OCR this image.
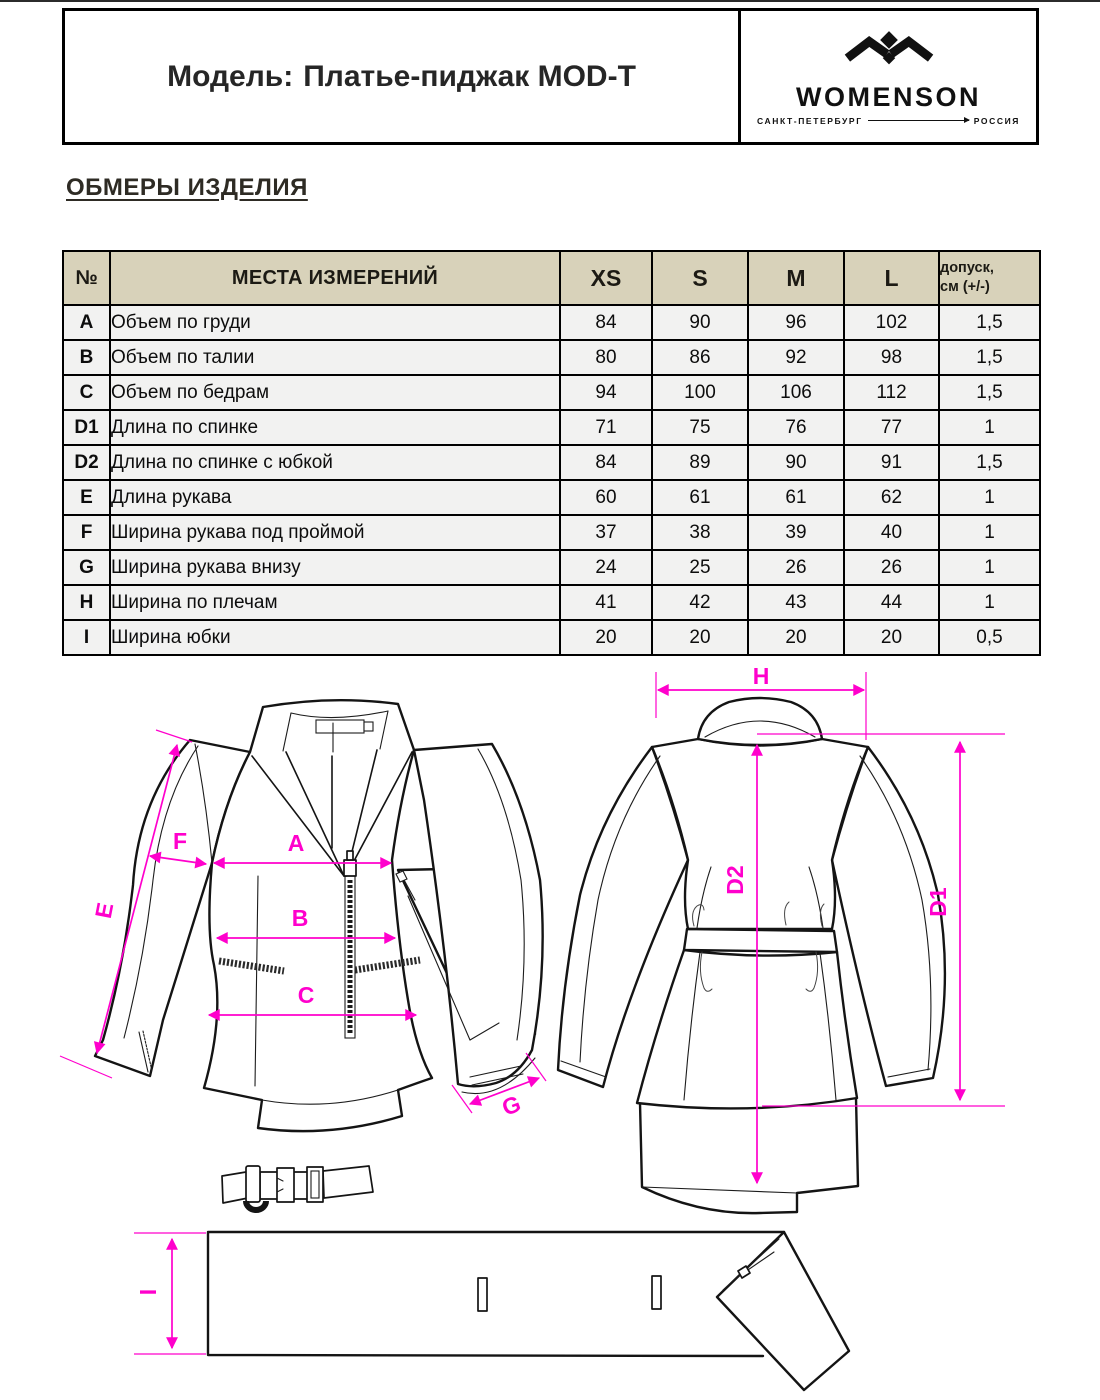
Модель: Платье-пиджак MOD-T
WOMENSON
САНКТ-ПЕТЕРБУРГ	РОССИЯ
ОБМЕРЫ ИЗДЕЛИЯ
№	МЕСТА ИЗМЕРЕНИЙ	XS	S	M	L	допуск,
см (+/-)

A	Объем по груди	84	90	96	102	1,5
B	Объем по талии	80	86	92	98	1,5
C	Объем по бедрам	94	100	106	112	1,5
D1	Длина по спинке	71	75	76	77	1
D2	Длина по спинке с юбкой	84	89	90	91	1,5
E	Длина рукава	60	61	61	62	1
F	Ширина рукава под проймой	37	38	39	40	1
G	Ширина рукава внизу	24	25	26	26	1
H	Ширина по плечам	41	42	43	44	1
I	Ширина юбки	20	20	20	20	0,5
E
F	A
B
C
G
H
D2
D1
I
